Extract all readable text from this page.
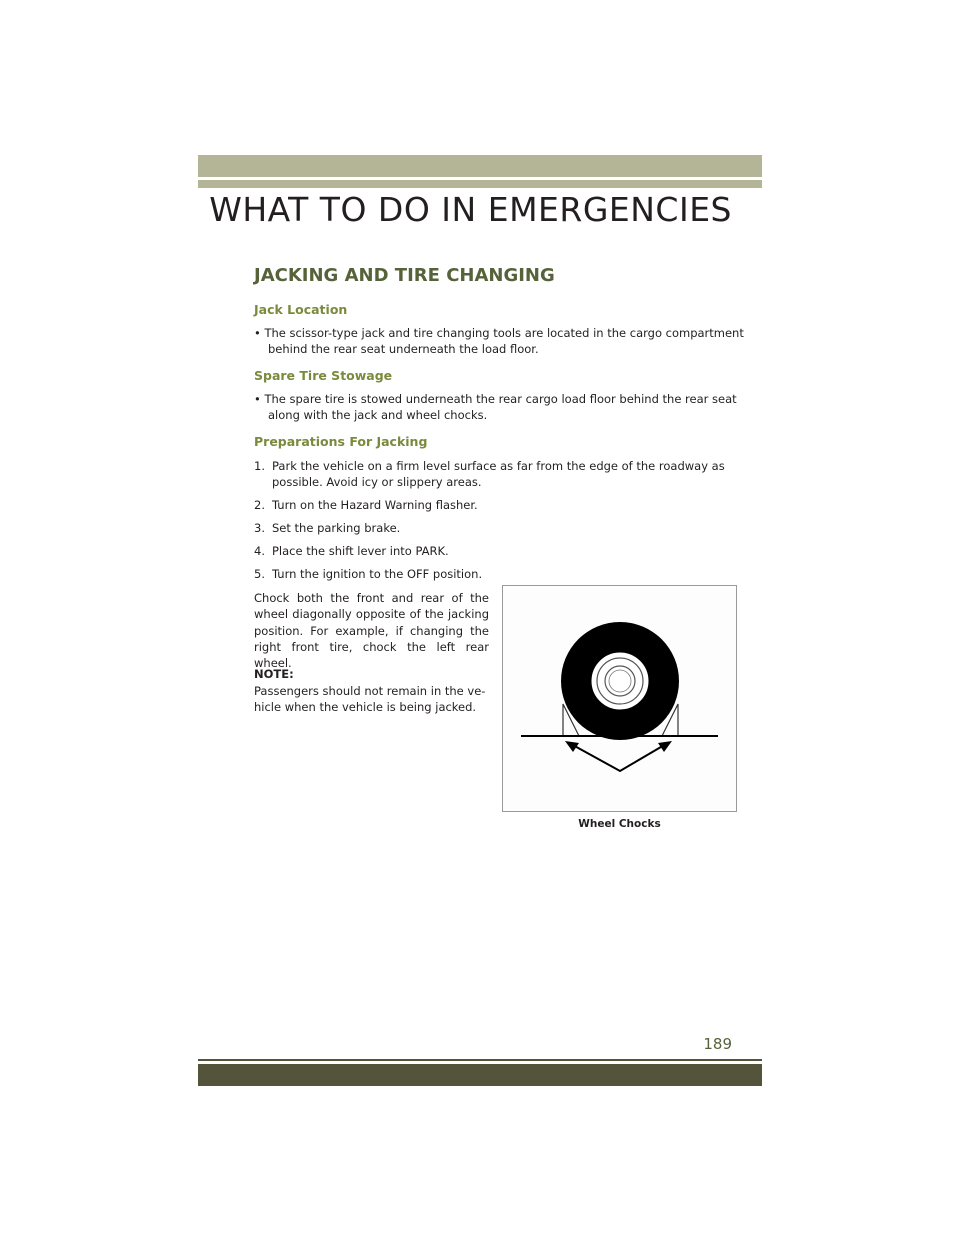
WHAT TO DO IN EMERGENCIES
JACKING AND TIRE CHANGING
Jack Location
• The scissor-type jack and tire changing tools are located in the cargo compartment
behind the rear seat underneath the load floor.
Spare Tire Stowage
• The spare tire is stowed underneath the rear cargo load floor behind the rear seat
along with the jack and wheel chocks.
Preparations For Jacking
1. Park the vehicle on a firm level surface as far from the edge of the roadway as
possible. Avoid icy or slippery areas.
2. Turn on the Hazard Warning flasher.
3. Set the parking brake.
4. Place the shift lever into PARK.
5. Turn the ignition to the OFF position.
Chock both the front and rear of the wheel diagonally opposite of the jacking position. For example, if changing the right front tire, chock the left rear wheel.
NOTE:
Passengers should not remain in the ve-hicle when the vehicle is being jacked.
Wheel Chocks
189
